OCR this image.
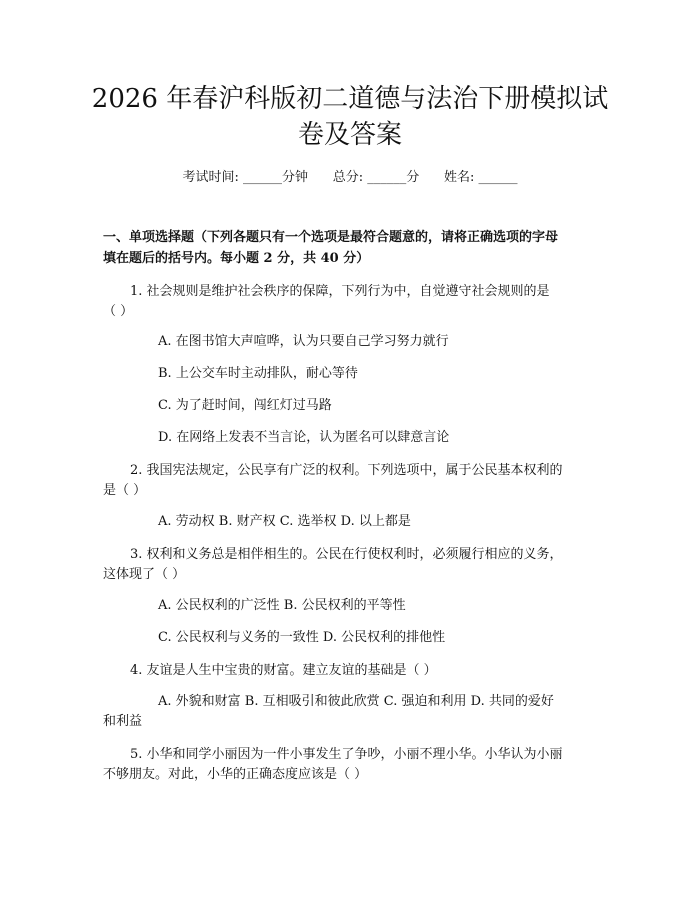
2026 年春沪科版初二道德与法治下册模拟试
卷及答案
考试时间: ______分钟      总分: ______分      姓名: ______

一、单项选择题（下列各题只有一个选项是最符合题意的，请将正确选项的字母

填在题后的括号内。每小题 2 分，共 40 分）

1. 社会规则是维护社会秩序的保障，下列行为中，自觉遵守社会规则的是

（ ）

A. 在图书馆大声喧哗，认为只要自己学习努力就行

B. 上公交车时主动排队，耐心等待

C. 为了赶时间，闯红灯过马路

D. 在网络上发表不当言论，认为匿名可以肆意言论

2. 我国宪法规定，公民享有广泛的权利。下列选项中，属于公民基本权利的

是（ ）

A. 劳动权 B. 财产权 C. 选举权 D. 以上都是

3. 权利和义务总是相伴相生的。公民在行使权利时，必须履行相应的义务，

这体现了（ ）

A. 公民权利的广泛性 B. 公民权利的平等性

C. 公民权利与义务的一致性 D. 公民权利的排他性

4. 友谊是人生中宝贵的财富。建立友谊的基础是（ ）

A. 外貌和财富 B. 互相吸引和彼此欣赏 C. 强迫和利用 D. 共同的爱好

和利益

5. 小华和同学小丽因为一件小事发生了争吵，小丽不理小华。小华认为小丽

不够朋友。对此，小华的正确态度应该是（ ）
